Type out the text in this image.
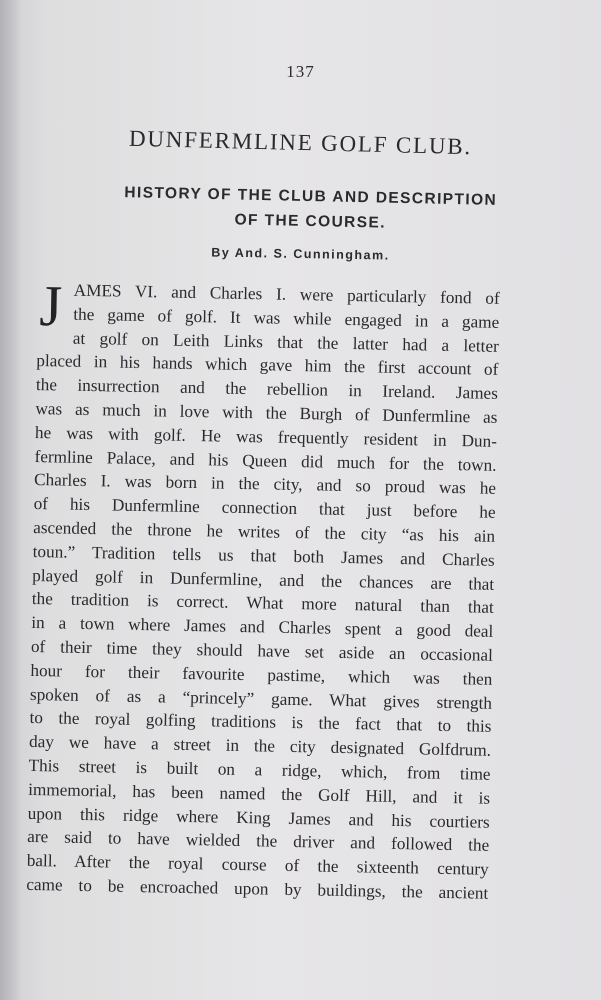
137
DUNFERMLINE GOLF CLUB.
HISTORY OF THE CLUB AND DESCRIPTION
OF THE COURSE.
By And. S. Cunningham.
J AMES VI. and Charles I. were particularly fond of
the game of golf. It was while engaged in a game
at golf on Leith Links that the latter had a letter
placed in his hands which gave him the first account of
the insurrection and the rebellion in Ireland. James
was as much in love with the Burgh of Dunfermline as
he was with golf. He was frequently resident in Dun-
fermline Palace, and his Queen did much for the town.
Charles I. was born in the city, and so proud was he
of his Dunfermline connection that just before he
ascended the throne he writes of the city “as his ain
toun.” Tradition tells us that both James and Charles
played golf in Dunfermline, and the chances are that
the tradition is correct. What more natural than that
in a town where James and Charles spent a good deal
of their time they should have set aside an occasional
hour for their favourite pastime, which was then
spoken of as a “princely” game. What gives strength
to the royal golfing traditions is the fact that to this
day we have a street in the city designated Golfdrum.
This street is built on a ridge, which, from time
immemorial, has been named the Golf Hill, and it is
upon this ridge where King James and his courtiers
are said to have wielded the driver and followed the
ball. After the royal course of the sixteenth century
came to be encroached upon by buildings, the ancient
